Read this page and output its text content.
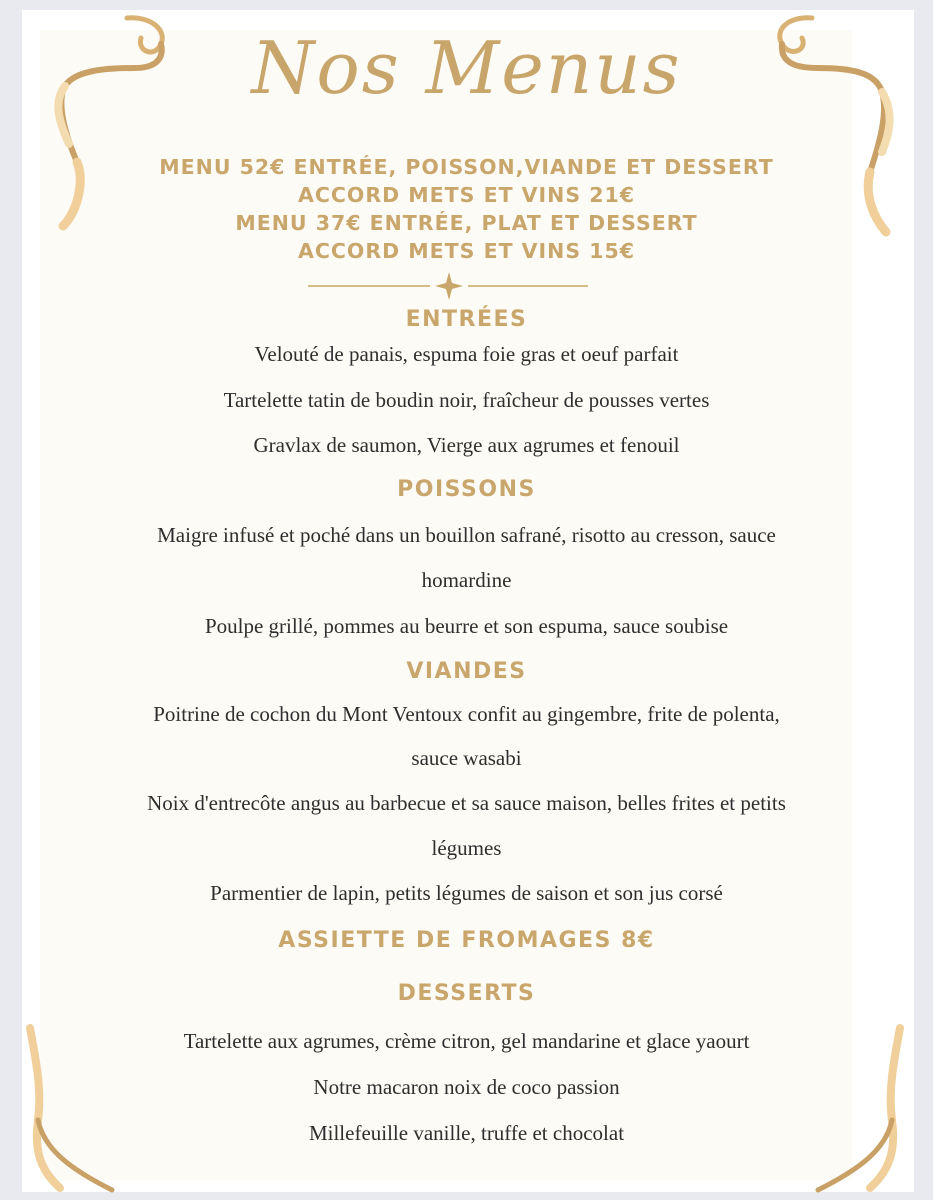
Nos Menus
MENU 52€ ENTRÉE, POISSON,VIANDE ET DESSERT
ACCORD METS ET VINS 21€
MENU 37€ ENTRÉE, PLAT ET DESSERT
ACCORD METS ET VINS 15€
ENTRÉES
Velouté de panais, espuma foie gras et oeuf parfait
Tartelette tatin de boudin noir, fraîcheur de pousses vertes
Gravlax de saumon, Vierge aux agrumes et fenouil
POISSONS
Maigre infusé et poché dans un bouillon safrané, risotto au cresson, sauce
homardine
Poulpe grillé, pommes au beurre et son espuma, sauce soubise
VIANDES
Poitrine de cochon du Mont Ventoux confit au gingembre, frite de polenta,
sauce wasabi
Noix d'entrecôte angus au barbecue et sa sauce maison, belles frites et petits
légumes
Parmentier de lapin, petits légumes de saison et son jus corsé
ASSIETTE DE FROMAGES 8€
DESSERTS
Tartelette aux agrumes, crème citron, gel mandarine et glace yaourt
Notre macaron noix de coco passion
Millefeuille vanille, truffe et chocolat
